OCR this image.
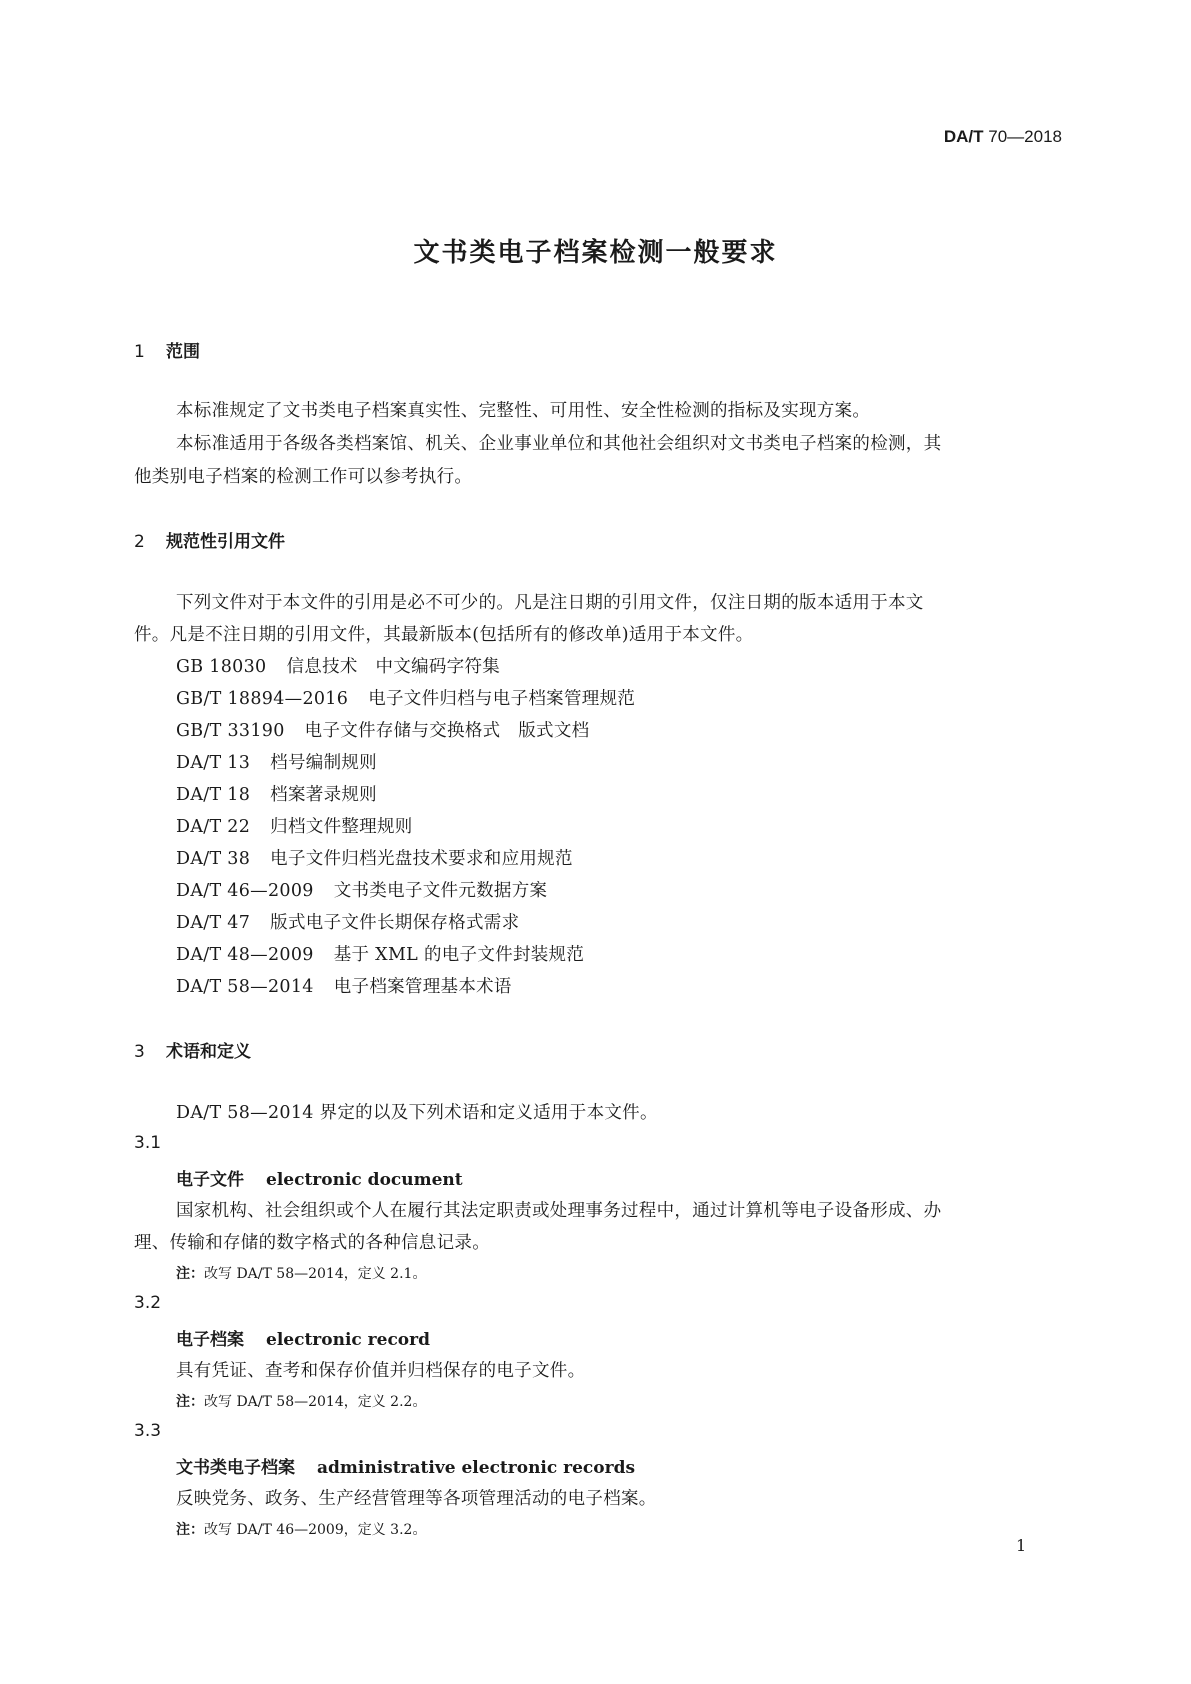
DA/T 70—2018
文书类电子档案检测一般要求
1 范围
本标准规定了文书类电子档案真实性、完整性、可用性、安全性检测的指标及实现方案。
本标准适用于各级各类档案馆、机关、企业事业单位和其他社会组织对文书类电子档案的检测，其
他类别电子档案的检测工作可以参考执行。
2 规范性引用文件
下列文件对于本文件的引用是必不可少的。凡是注日期的引用文件，仅注日期的版本适用于本文
件。凡是不注日期的引用文件，其最新版本(包括所有的修改单)适用于本文件。
GB 18030 信息技术　中文编码字符集
GB/T 18894—2016 电子文件归档与电子档案管理规范
GB/T 33190 电子文件存储与交换格式　版式文档
DA/T 13 档号编制规则
DA/T 18 档案著录规则
DA/T 22 归档文件整理规则
DA/T 38 电子文件归档光盘技术要求和应用规范
DA/T 46—2009 文书类电子文件元数据方案
DA/T 47 版式电子文件长期保存格式需求
DA/T 48—2009 基于 XML 的电子文件封装规范
DA/T 58—2014 电子档案管理基本术语
3 术语和定义
DA/T 58—2014 界定的以及下列术语和定义适用于本文件。
3.1
电子文件 electronic document
国家机构、社会组织或个人在履行其法定职责或处理事务过程中，通过计算机等电子设备形成、办
理、传输和存储的数字格式的各种信息记录。
注：改写 DA/T 58—2014，定义 2.1。
3.2
电子档案 electronic record
具有凭证、查考和保存价值并归档保存的电子文件。
注：改写 DA/T 58—2014，定义 2.2。
3.3
文书类电子档案 administrative electronic records
反映党务、政务、生产经营管理等各项管理活动的电子档案。
注：改写 DA/T 46—2009，定义 3.2。
1
